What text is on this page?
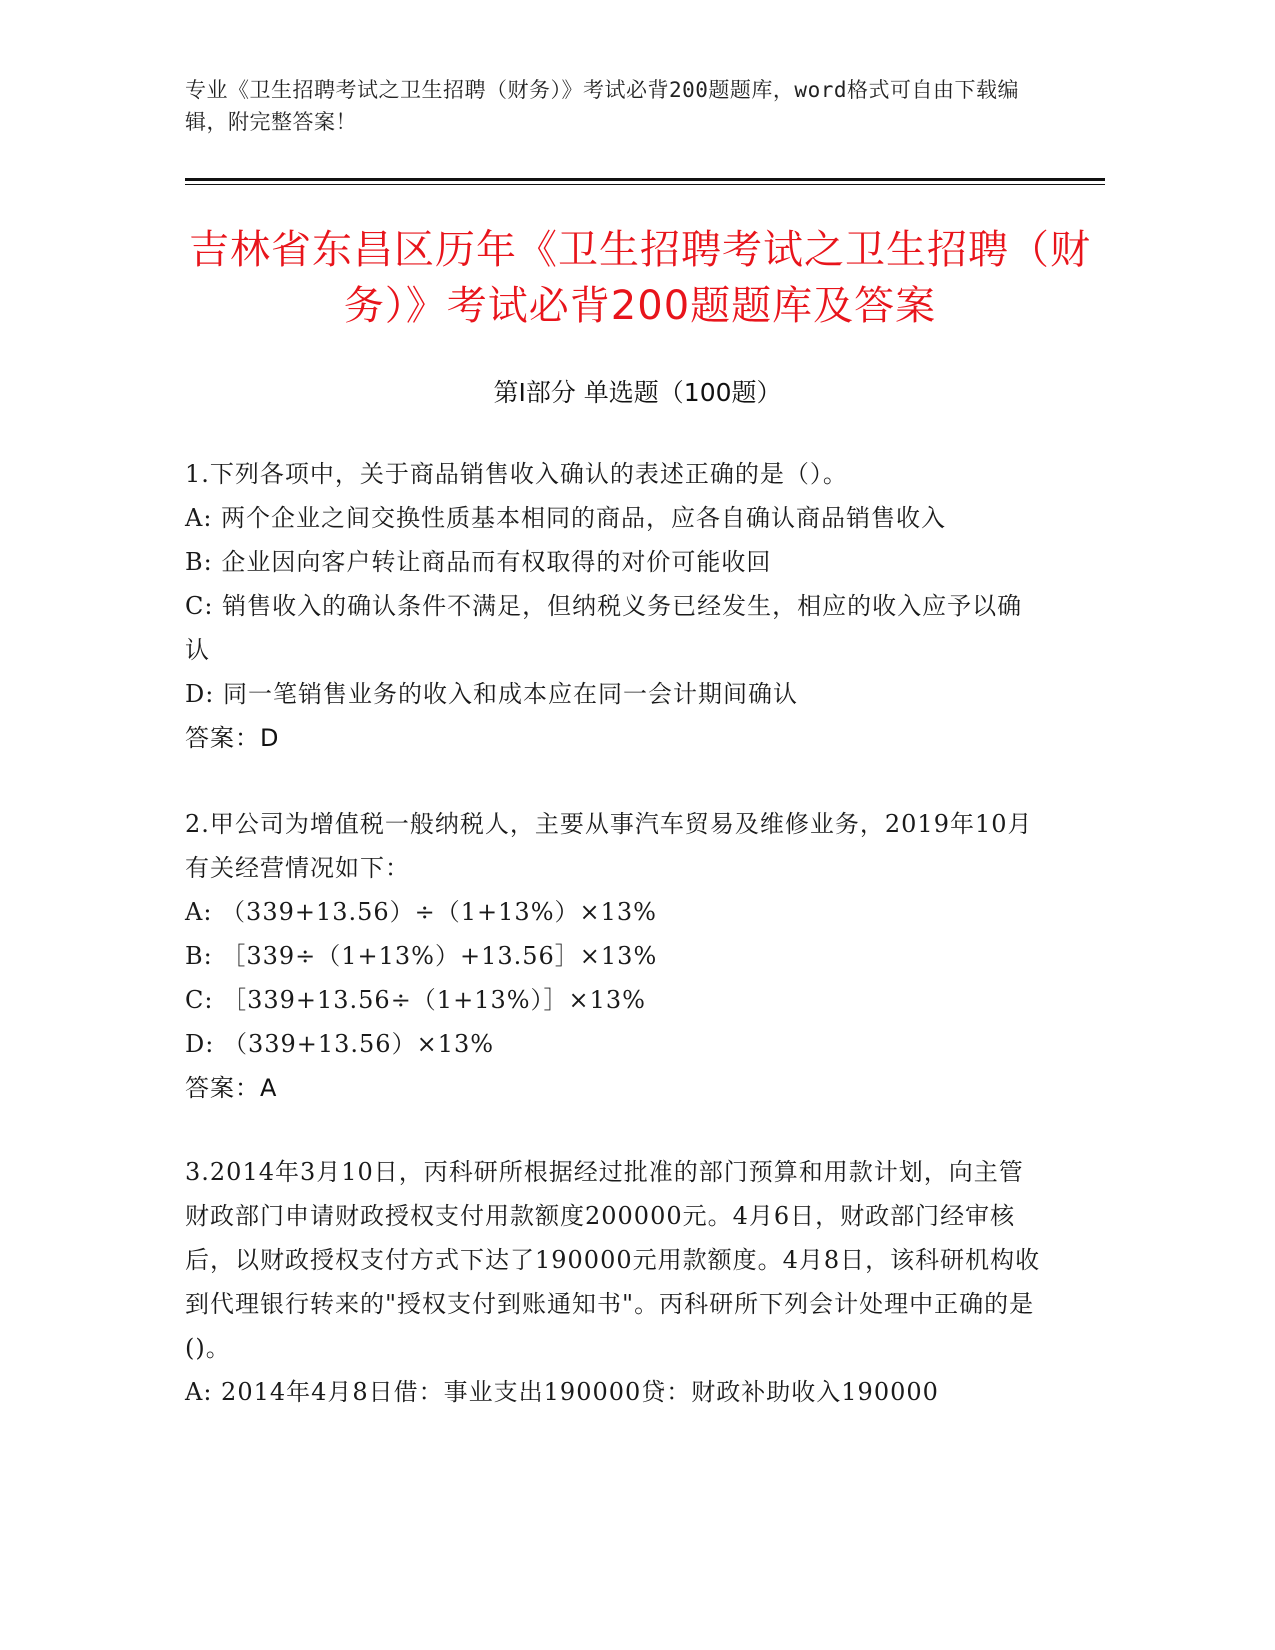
专业《卫生招聘考试之卫生招聘（财务）》考试必背200题题库，word格式可自由下载编辑，附完整答案！
吉林省东昌区历年《卫生招聘考试之卫生招聘（财务）》考试必背200题题库及答案
第Ⅰ部分 单选题（100题）

1.下列各项中，关于商品销售收入确认的表述正确的是（）。

A: 两个企业之间交换性质基本相同的商品，应各自确认商品销售收入

B: 企业因向客户转让商品而有权取得的对价可能收回

C: 销售收入的确认条件不满足，但纳税义务已经发生，相应的收入应予以确认

D: 同一笔销售业务的收入和成本应在同一会计期间确认

答案：D

2.甲公司为增值税一般纳税人，主要从事汽车贸易及维修业务，2019年10月有关经营情况如下：

A: （339+13.56）÷（1+13%）×13%

B: ［339÷（1+13%）+13.56］×13%

C: ［339+13.56÷（1+13%）］×13%

D: （339+13.56）×13%

答案：A

3.2014年3月10日，丙科研所根据经过批准的部门预算和用款计划，向主管财政部门申请财政授权支付用款额度200000元。4月6日，财政部门经审核后，以财政授权支付方式下达了190000元用款额度。4月8日，该科研机构收到代理银行转来的"授权支付到账通知书"。丙科研所下列会计处理中正确的是()。

A: 2014年4月8日借：事业支出190000贷：财政补助收入190000
